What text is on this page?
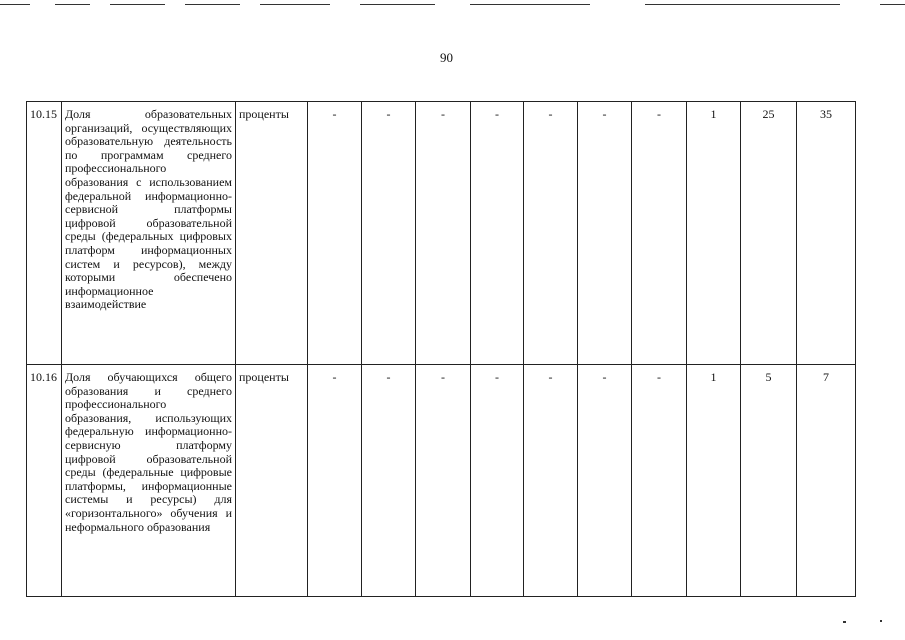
90
10.15	Доля образовательных организаций, осуществляющих образовательную деятельность по программам среднего профессионального образования с использованием федеральной информационно-сервисной платформы цифровой образовательной среды (федеральных цифровых платформ информационных систем и ресурсов), между которыми обеспечено информационное взаимодействие	проценты	-	-	-	-	-	-	-	1	25	35
10.16	Доля обучающихся общего образования и среднего профессионального образования, использующих федеральную информационно-сервисную платформу цифровой образовательной среды (федеральные цифровые платформы, информационные системы и ресурсы) для «горизонтального» обучения и неформального образования	проценты	-	-	-	-	-	-	-	1	5	7
